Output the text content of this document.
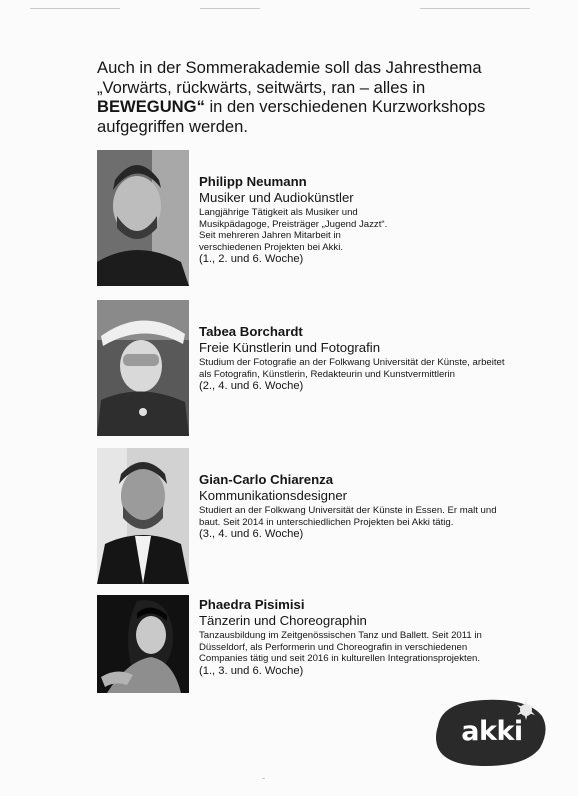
Auch in der Sommerakademie soll das Jahresthema
„Vorwärts, rückwärts, seitwärts, ran – alles in
BEWEGUNG“ in den verschiedenen Kurzworkshops
aufgegriffen werden.

Philipp Neumann

Musiker und Audiokünstler

Langjährige Tätigkeit als Musiker und Musikpädagoge, Preisträger „Jugend Jazzt“. Seit mehreren Jahren Mitarbeit in verschiedenen Projekten bei Akki.

(1., 2. und 6. Woche)

Tabea Borchardt

Freie Künstlerin und Fotografin

Studium der Fotografie an der Folkwang Universität der Künste, arbeitet als Fotografin, Künstlerin, Redakteurin und Kunstvermittlerin

(2., 4. und 6. Woche)

Gian-Carlo Chiarenza

Kommunikationsdesigner

Studiert an der Folkwang Universität der Künste in Essen. Er malt und baut. Seit 2014 in unterschiedlichen Projekten bei Akki tätig.

(3., 4. und 6. Woche)

Phaedra Pisimisi

Tänzerin und Choreographin

Tanzausbildung im Zeitgenössischen Tanz und Ballett. Seit 2011 in Düsseldorf, als Performerin und Choreografin in verschiedenen Companies tätig und seit 2016 in kulturellen Integrationsprojekten.

(1., 3. und 6. Woche)

akki
